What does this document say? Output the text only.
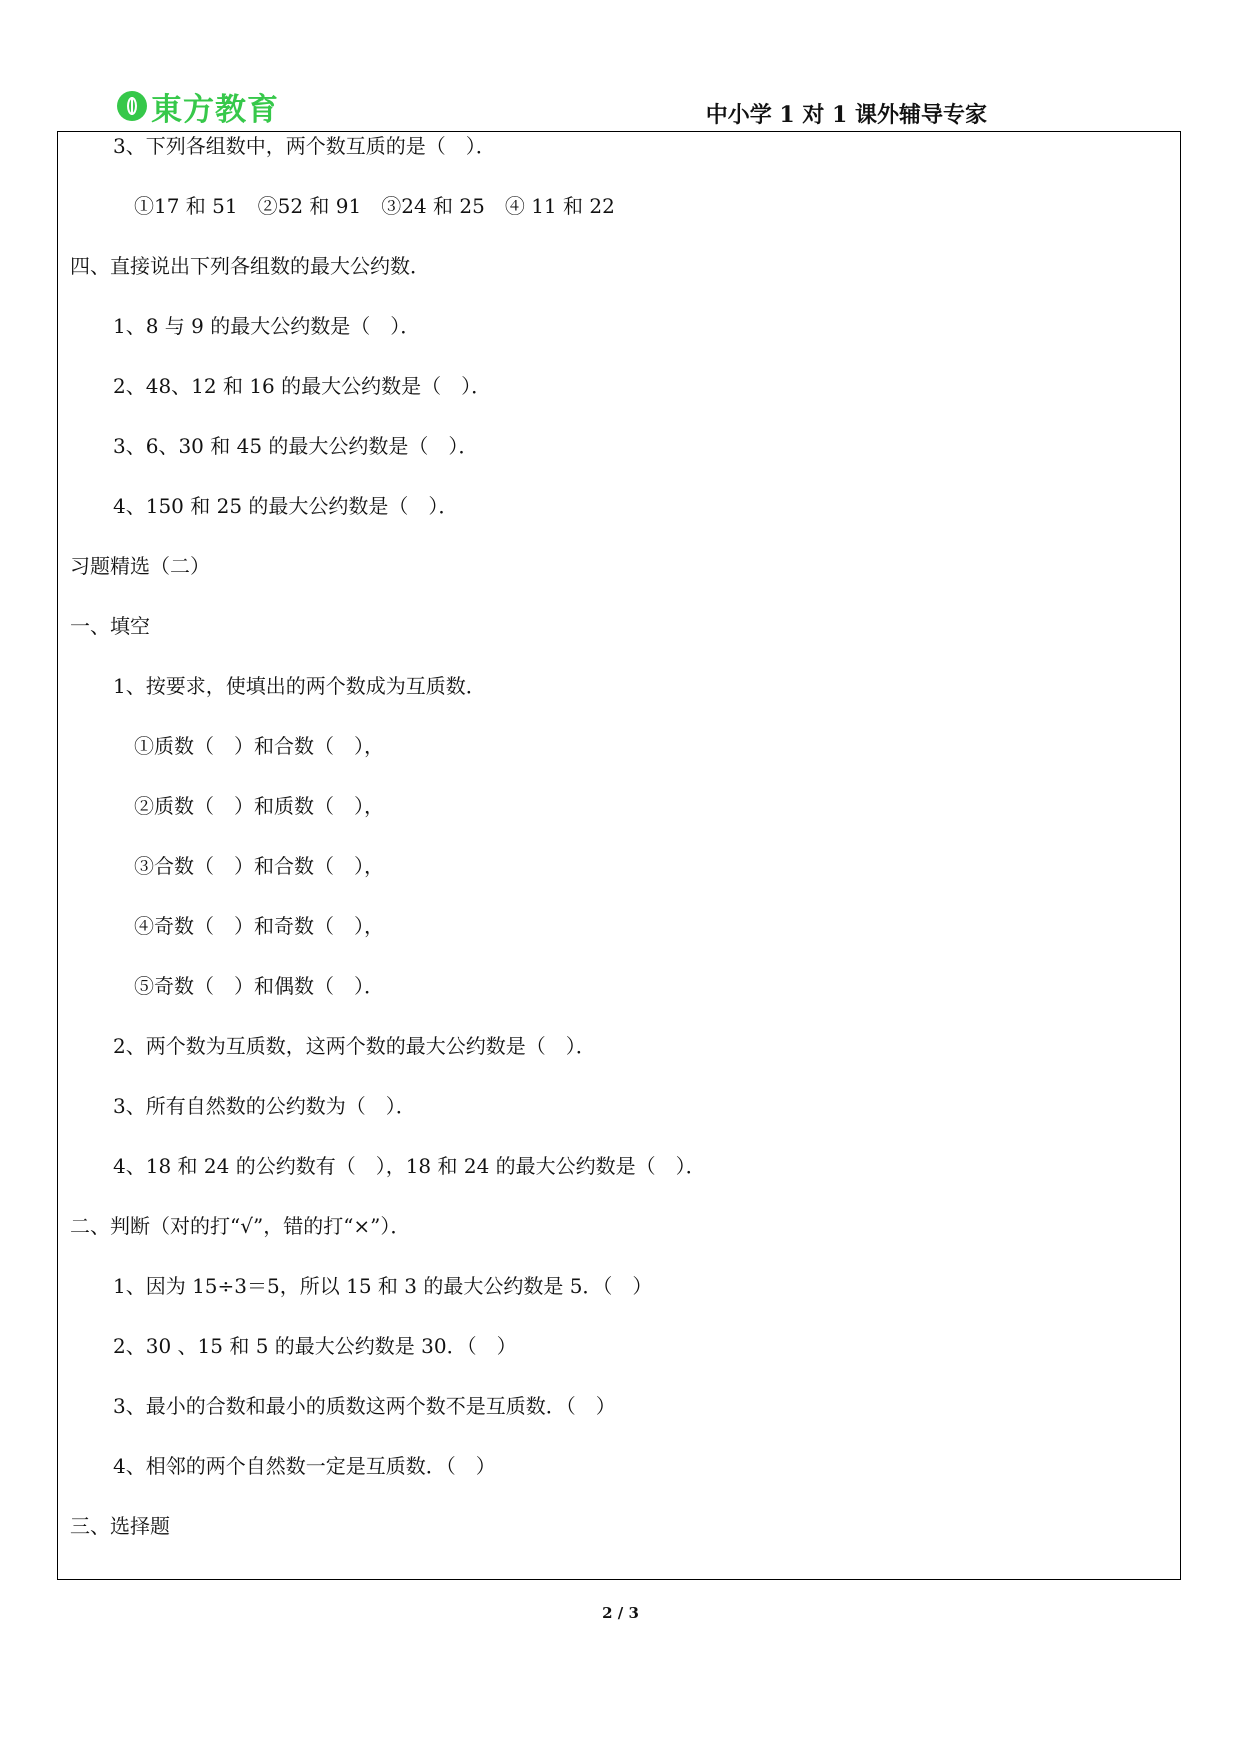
東方教育	中小学 1 对 1 课外辅导专家
3、下列各组数中，两个数互质的是（　）．
①17 和 51　②52 和 91　③24 和 25　④ 11 和 22
四、直接说出下列各组数的最大公约数．
1、8 与 9 的最大公约数是（　）．
2、48、12 和 16 的最大公约数是（　）．
3、6、30 和 45 的最大公约数是（　）．
4、150 和 25 的最大公约数是（　）．
习题精选（二）
一、填空
1、按要求，使填出的两个数成为互质数．
①质数（　）和合数（　），
②质数（　）和质数（　），
③合数（　）和合数（　），
④奇数（　）和奇数（　），
⑤奇数（　）和偶数（　）．
2、两个数为互质数，这两个数的最大公约数是（　）．
3、所有自然数的公约数为（　）．
4、18 和 24 的公约数有（　），18 和 24 的最大公约数是（　）．
二、判断（对的打“√”，错的打“×”）．
1、因为 15÷3＝5，所以 15 和 3 的最大公约数是 5．（　）
2、30 、15 和 5 的最大公约数是 30．（　）
3、最小的合数和最小的质数这两个数不是互质数．（　）
4、相邻的两个自然数一定是互质数．（　）
三、选择题
2 / 3
